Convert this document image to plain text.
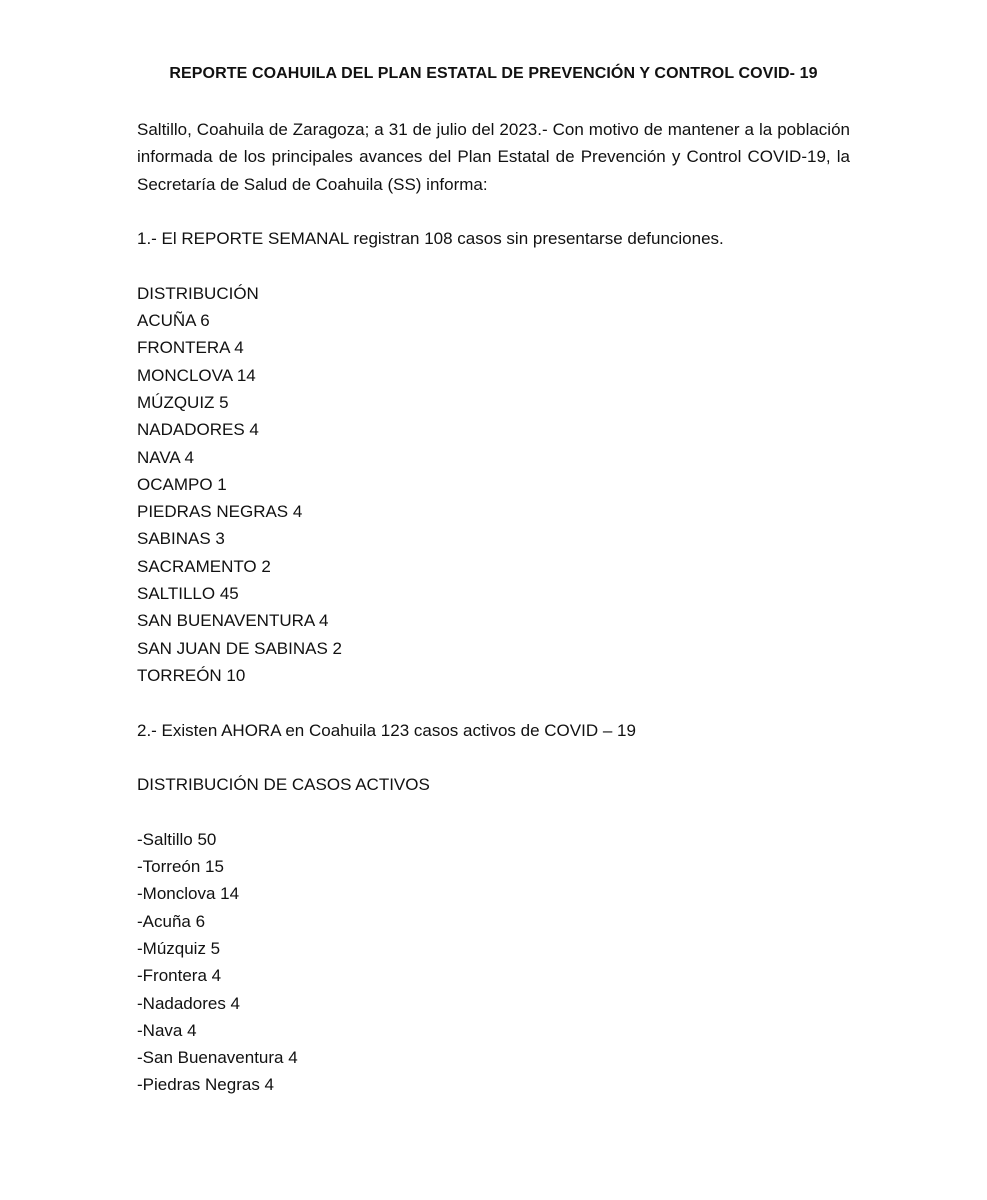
REPORTE COAHUILA DEL PLAN ESTATAL DE PREVENCIÓN Y CONTROL COVID- 19

Saltillo, Coahuila de Zaragoza; a 31 de julio del 2023.- Con motivo de mantener a la población informada de los principales avances del Plan Estatal de Prevención y Control COVID-19, la Secretaría de Salud de Coahuila (SS) informa:

1.- El REPORTE SEMANAL registran 108 casos sin presentarse defunciones.

DISTRIBUCIÓN

ACUÑA 6
FRONTERA 4
MONCLOVA 14
MÚZQUIZ 5
NADADORES 4
NAVA 4
OCAMPO 1
PIEDRAS NEGRAS 4
SABINAS 3
SACRAMENTO 2
SALTILLO 45
SAN BUENAVENTURA 4
SAN JUAN DE SABINAS 2
TORREÓN 10

2.- Existen AHORA en Coahuila 123 casos activos de COVID – 19

DISTRIBUCIÓN DE CASOS ACTIVOS

-Saltillo 50
-Torreón 15
-Monclova 14
-Acuña 6
-Múzquiz 5
-Frontera 4
-Nadadores 4
-Nava 4
-San Buenaventura 4
-Piedras Negras 4
